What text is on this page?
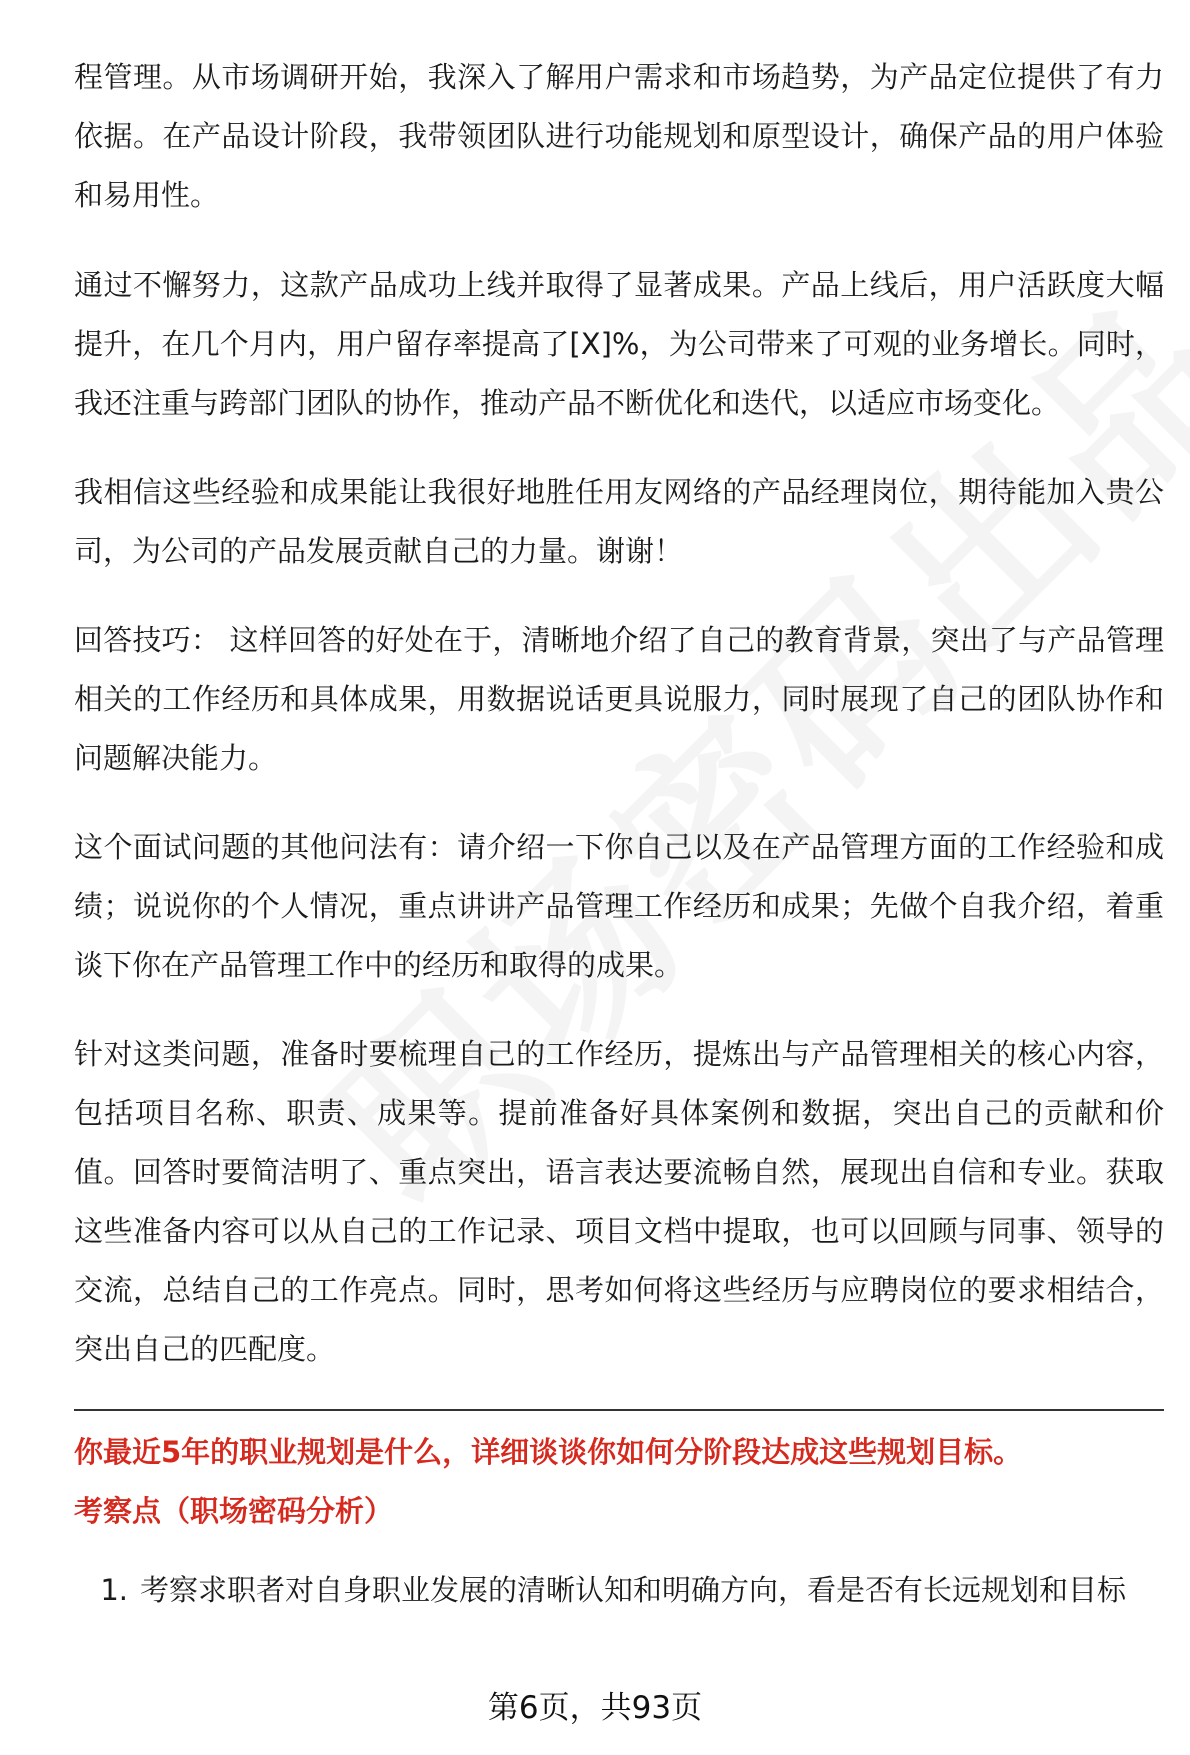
程管理。从市场调研开始，我深入了解用户需求和市场趋势，为产品定位提供了有力依据。在产品设计阶段，我带领团队进行功能规划和原型设计，确保产品的用户体验和易用性。

通过不懈努力，这款产品成功上线并取得了显著成果。产品上线后，用户活跃度大幅提升，在几个月内，用户留存率提高了[X]%，为公司带来了可观的业务增长。同时，我还注重与跨部门团队的协作，推动产品不断优化和迭代，以适应市场变化。

我相信这些经验和成果能让我很好地胜任用友网络的产品经理岗位，期待能加入贵公司，为公司的产品发展贡献自己的力量。谢谢！

回答技巧： 这样回答的好处在于，清晰地介绍了自己的教育背景，突出了与产品管理相关的工作经历和具体成果，用数据说话更具说服力，同时展现了自己的团队协作和问题解决能力。

这个面试问题的其他问法有：请介绍一下你自己以及在产品管理方面的工作经验和成绩；说说你的个人情况，重点讲讲产品管理工作经历和成果；先做个自我介绍，着重谈下你在产品管理工作中的经历和取得的成果。

针对这类问题，准备时要梳理自己的工作经历，提炼出与产品管理相关的核心内容，包括项目名称、职责、成果等。提前准备好具体案例和数据，突出自己的贡献和价值。回答时要简洁明了、重点突出，语言表达要流畅自然，展现出自信和专业。获取这些准备内容可以从自己的工作记录、项目文档中提取，也可以回顾与同事、领导的交流，总结自己的工作亮点。同时，思考如何将这些经历与应聘岗位的要求相结合，突出自己的匹配度。

你最近5年的职业规划是什么，详细谈谈你如何分阶段达成这些规划目标。

考察点（职场密码分析）

1. 考察求职者对自身职业发展的清晰认知和明确方向，看是否有长远规划和目标
第6页，共93页
